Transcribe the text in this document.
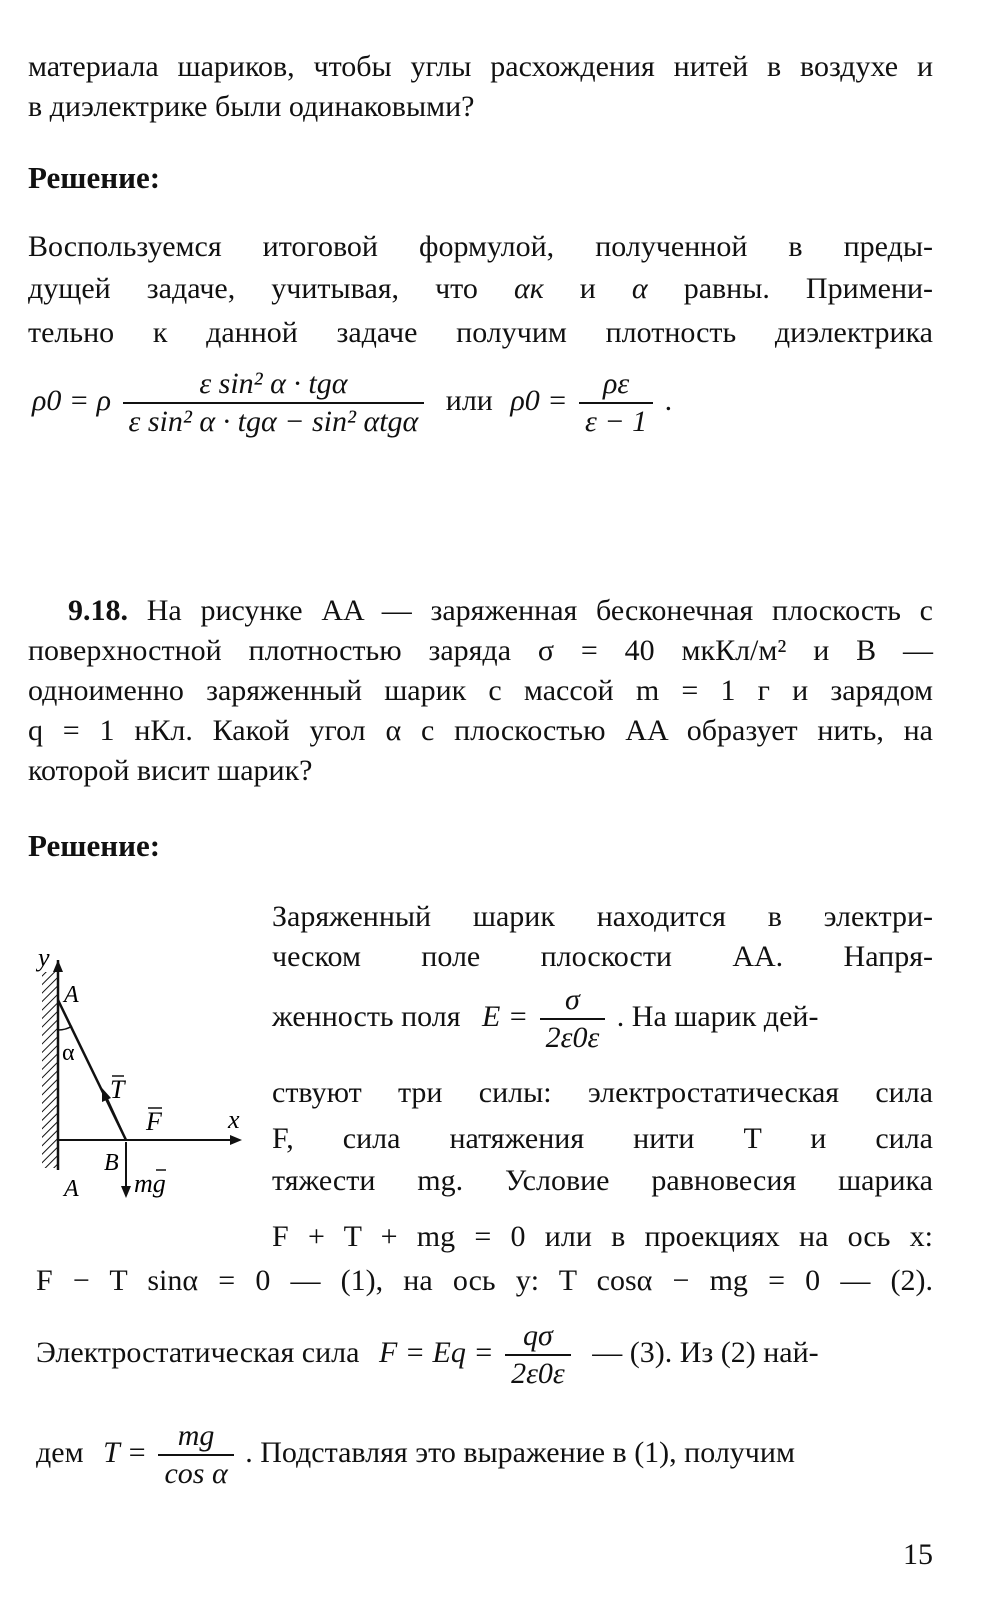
материала шариков, чтобы углы расхождения нитей в воздухе и
в диэлектрике были одинаковыми?
Решение:
Воспользуемся итоговой формулой, полученной в преды-
дущей задаче, учитывая, что αк и α равны. Примени-
тельно к данной задаче получим плотность диэлектрика
ρ0 = ρ $\frac{\text{ε sin² α · tgα}}{\text{ε sin² α · tgα − sin² αtgα}}$ или $\rho 0 = \frac{\rho\varepsilon}{\varepsilon - 1}$ .
9.18. На рисунке AA — заряженная бесконечная плоскость с
поверхностной плотностью заряда σ = 40 мкКл/м² и B —
одноименно заряженный шарик с массой m = 1 г и зарядом
q = 1 нКл. Какой угол α с плоскостью AA образует нить, на
которой висит шарик?
Решение:
y
x
A
A
α
T
F
B
mg
Заряженный шарик находится в электри-
ческом поле плоскости AA. Напря-
женность поля $E = \frac{\sigma}{2\varepsilon 0\varepsilon}$ . На шарик дей-
ствуют три силы: электростатическая сила
F, сила натяжения нити T и сила
тяжести mg. Условие равновесия шарика
F + T + mg = 0 или в проекциях на ось x:
F − T sinα = 0 — (1), на ось y: T cosα − mg = 0 — (2).
Электростатическая сила $F = Eq = \frac{q\sigma}{2\varepsilon 0\varepsilon}$ — (3). Из (2) най-
дем $T = \frac{mg}{\text{cos α}}$ . Подставляя это выражение в (1), получим
15
